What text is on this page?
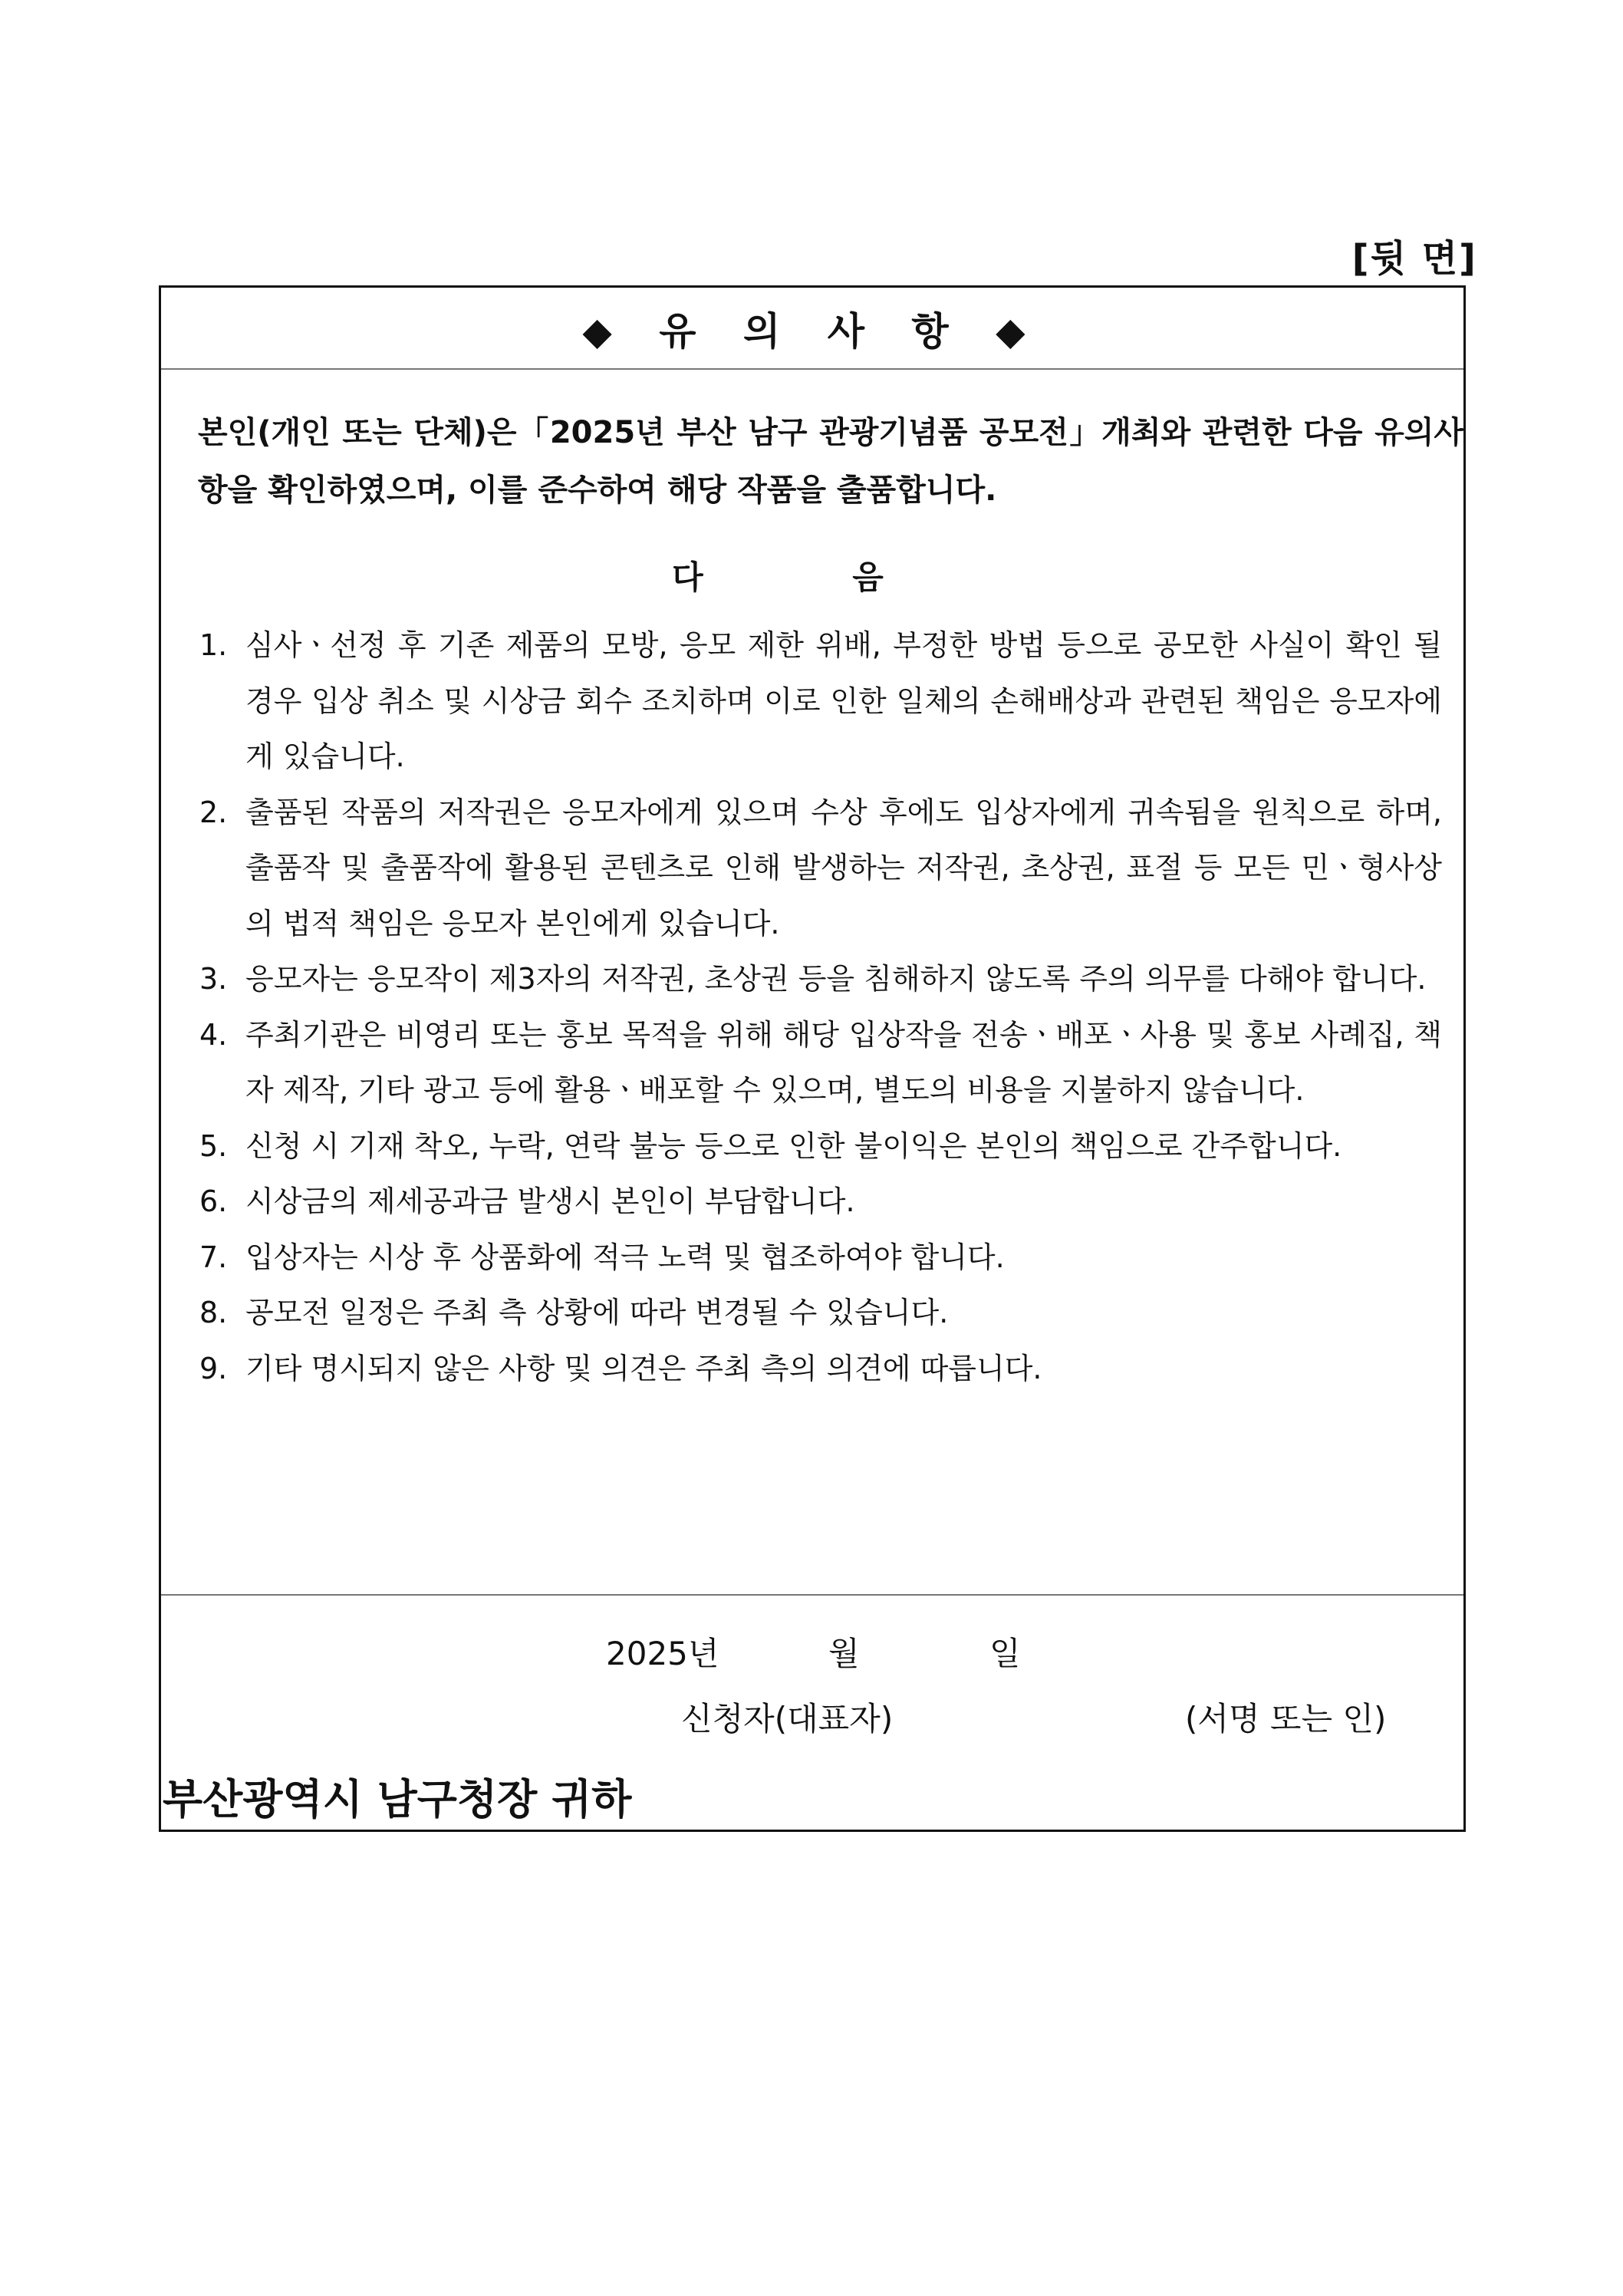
[뒷 면]
◆ 유 의 사 항 ◆
본인(개인 또는 단체)은「2025년 부산 남구 관광기념품 공모전」개최와 관련한 다음 유의사항을 확인하였으며, 이를 준수하여 해당 작품을 출품합니다.
다 음
1. 심사ㆍ선정 후 기존 제품의 모방, 응모 제한 위배, 부정한 방법 등으로 공모한 사실이 확인 될 경우 입상 취소 및 시상금 회수 조치하며 이로 인한 일체의 손해배상과 관련된 책임은 응모자에게 있습니다.
2. 출품된 작품의 저작권은 응모자에게 있으며 수상 후에도 입상자에게 귀속됨을 원칙으로 하며, 출품작 및 출품작에 활용된 콘텐츠로 인해 발생하는 저작권, 초상권, 표절 등 모든 민ㆍ형사상의 법적 책임은 응모자 본인에게 있습니다.
3. 응모자는 응모작이 제3자의 저작권, 초상권 등을 침해하지 않도록 주의 의무를 다해야 합니다.
4. 주최기관은 비영리 또는 홍보 목적을 위해 해당 입상작을 전송ㆍ배포ㆍ사용 및 홍보 사례집, 책자 제작, 기타 광고 등에 활용ㆍ배포할 수 있으며, 별도의 비용을 지불하지 않습니다.
5. 신청 시 기재 착오, 누락, 연락 불능 등으로 인한 불이익은 본인의 책임으로 간주합니다.
6. 시상금의 제세공과금 발생시 본인이 부담합니다.
7. 입상자는 시상 후 상품화에 적극 노력 및 협조하여야 합니다.
8. 공모전 일정은 주최 측 상황에 따라 변경될 수 있습니다.
9. 기타 명시되지 않은 사항 및 의견은 주최 측의 의견에 따릅니다.
2025년	월	일
신청자(대표자)	(서명 또는 인)
부산광역시 남구청장 귀하
